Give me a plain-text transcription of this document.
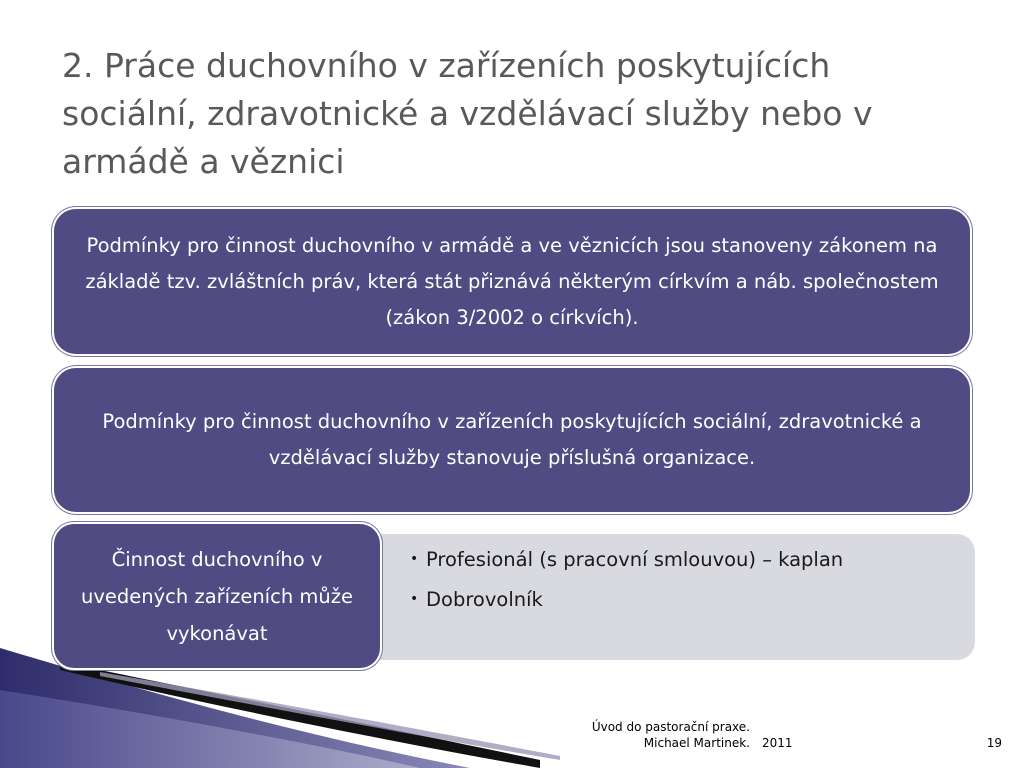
2. Práce duchovního v zařízeních poskytujících sociální, zdravotnické a vzdělávací služby nebo v armádě a věznici
Podmínky pro činnost duchovního v armádě a ve věznicích jsou stanoveny zákonem na základě tzv. zvláštních práv, která stát přiznává některým církvím a náb. společnostem (zákon 3/2002 o církvích).
Podmínky pro činnost duchovního v zařízeních poskytujících sociální, zdravotnické a vzdělávací služby stanovuje příslušná organizace.
• Profesionál (s pracovní smlouvou) – kaplan
• Dobrovolník
Činnost duchovního v uvedených zařízeních může vykonávat
Úvod do pastorační praxe.
Michael Martinek. 2011	19
